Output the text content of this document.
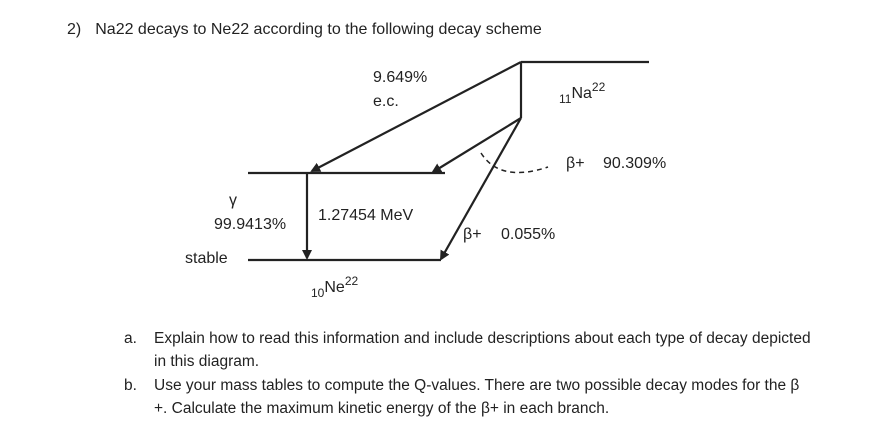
2) Na22 decays to Ne22 according to the following decay scheme
9.649%
e.c.	$_{11}Na^{22}$
β+ 90.309%
β+ 0.055%
γ
99.9413%
1.27454 MeV
stable
$_{10}Ne^{22}$
a.	Explain how to read this information and include descriptions about each type of decay depicted in this diagram.
b.	Use your mass tables to compute the Q-values. There are two possible decay modes for the β +. Calculate the maximum kinetic energy of the β+ in each branch.
